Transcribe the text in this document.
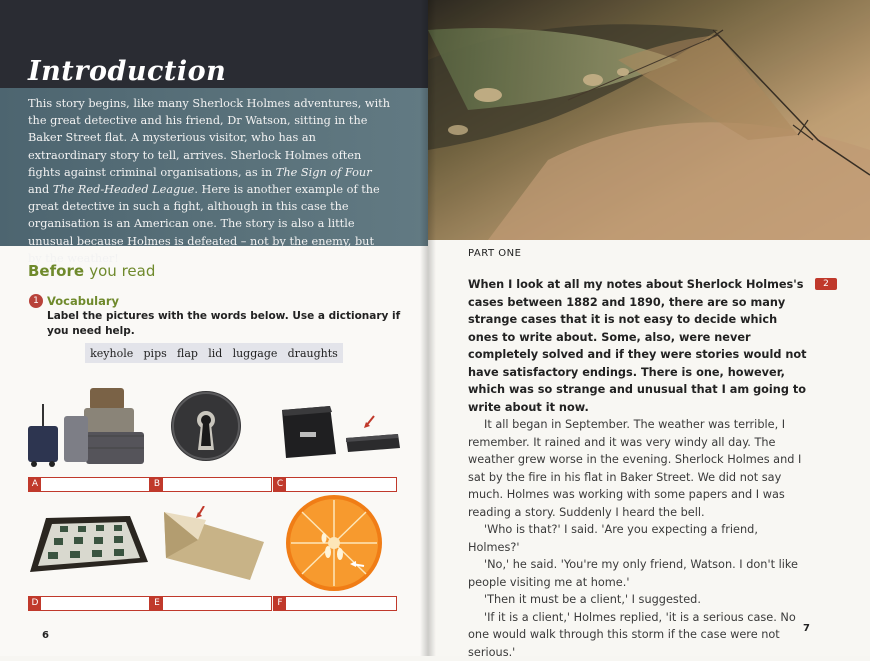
Introduction

This story begins, like many Sherlock Holmes adventures, with the great detective and his friend, Dr Watson, sitting in the Baker Street flat. A mysterious visitor, who has an extraordinary story to tell, arrives. Sherlock Holmes often fights against criminal organisations, as in The Sign of Four and The Red-Headed League. Here is another example of the great detective in such a fight, although in this case the organisation is an American one. The story is also a little unusual because Holmes is defeated – not by the enemy, but by the weather!

Before you read
1 Vocabulary

Label the pictures with the words below. Use a dictionary if you need help.

keyhole pips flap lid luggage draughts
A	B	C
D	E	F
6
7

PART ONE

2

When I look at all my notes about Sherlock Holmes's cases between 1882 and 1890, there are so many strange cases that it is not easy to decide which ones to write about. Some, also, were never completely solved and if they were stories would not have satisfactory endings. There is one, however, which was so strange and unusual that I am going to write about it now.

It all began in September. The weather was terrible, I remember. It rained and it was very windy all day. The weather grew worse in the evening. Sherlock Holmes and I sat by the fire in his flat in Baker Street. We did not say much. Holmes was working with some papers and I was reading a story. Suddenly I heard the bell.

'Who is that?' I said. 'Are you expecting a friend, Holmes?'

'No,' he said. 'You're my only friend, Watson. I don't like people visiting me at home.'

'Then it must be a client,' I suggested.

'If it is a client,' Holmes replied, 'it is a serious case. No one would walk through this storm if the case were not serious.'
